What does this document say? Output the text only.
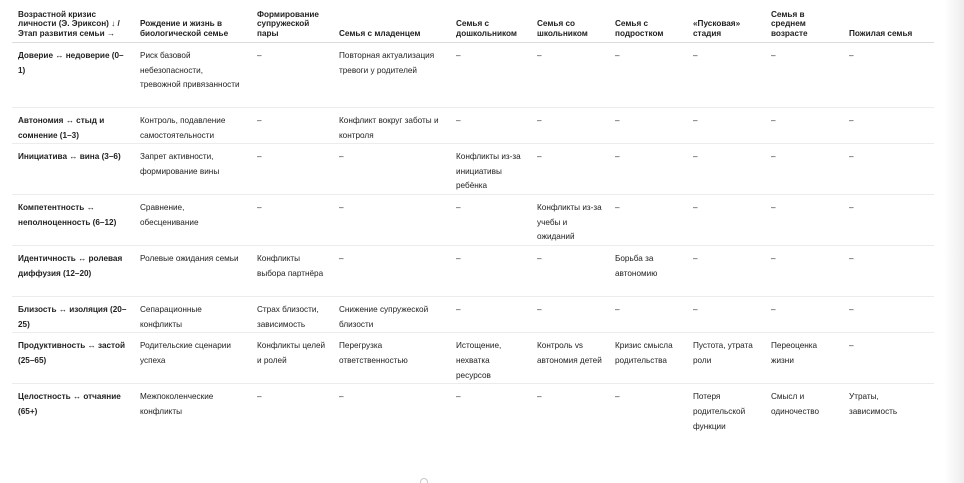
Возрастной кризис личности (Э. Эриксон) ↓ / Этап развития семьи →	Рождение и жизнь в биологической семье	Формирование супружеской пары	Семья с младенцем	Семья с дошкольником	Семья со школьником	Семья с подростком	«Пусковая» стадия	Семья в среднем возрасте	Пожилая семья
Доверие ↔ недоверие (0–1)	Риск базовой небезопасности, тревожной привязанности	–	Повторная актуализация тревоги у родителей	–	–	–	–	–	–
Автономия ↔ стыд и сомнение (1–3)	Контроль, подавление самостоятельности	–	Конфликт вокруг заботы и контроля	–	–	–	–	–	–
Инициатива ↔ вина (3–6)	Запрет активности, формирование вины	–	–	Конфликты из-за инициативы ребёнка	–	–	–	–	–
Компетентность ↔ неполноценность (6–12)	Сравнение, обесценивание	–	–	–	Конфликты из-за учебы и ожиданий	–	–	–	–
Идентичность ↔ ролевая диффузия (12–20)	Ролевые ожидания семьи	Конфликты выбора партнёра	–	–	–	Борьба за автономию	–	–	–
Близость ↔ изоляция (20–25)	Сепарационные конфликты	Страх близости, зависимость	Снижение супружеской близости	–	–	–	–	–	–
Продуктивность ↔ застой (25–65)	Родительские сценарии успеха	Конфликты целей и ролей	Перегрузка ответственностью	Истощение, нехватка ресурсов	Контроль vs автономия детей	Кризис смысла родительства	Пустота, утрата роли	Переоценка жизни	–
Целостность ↔ отчаяние (65+)	Межпоколенческие конфликты	–	–	–	–	–	Потеря родительской функции	Смысл и одиночество	Утраты, зависимость
